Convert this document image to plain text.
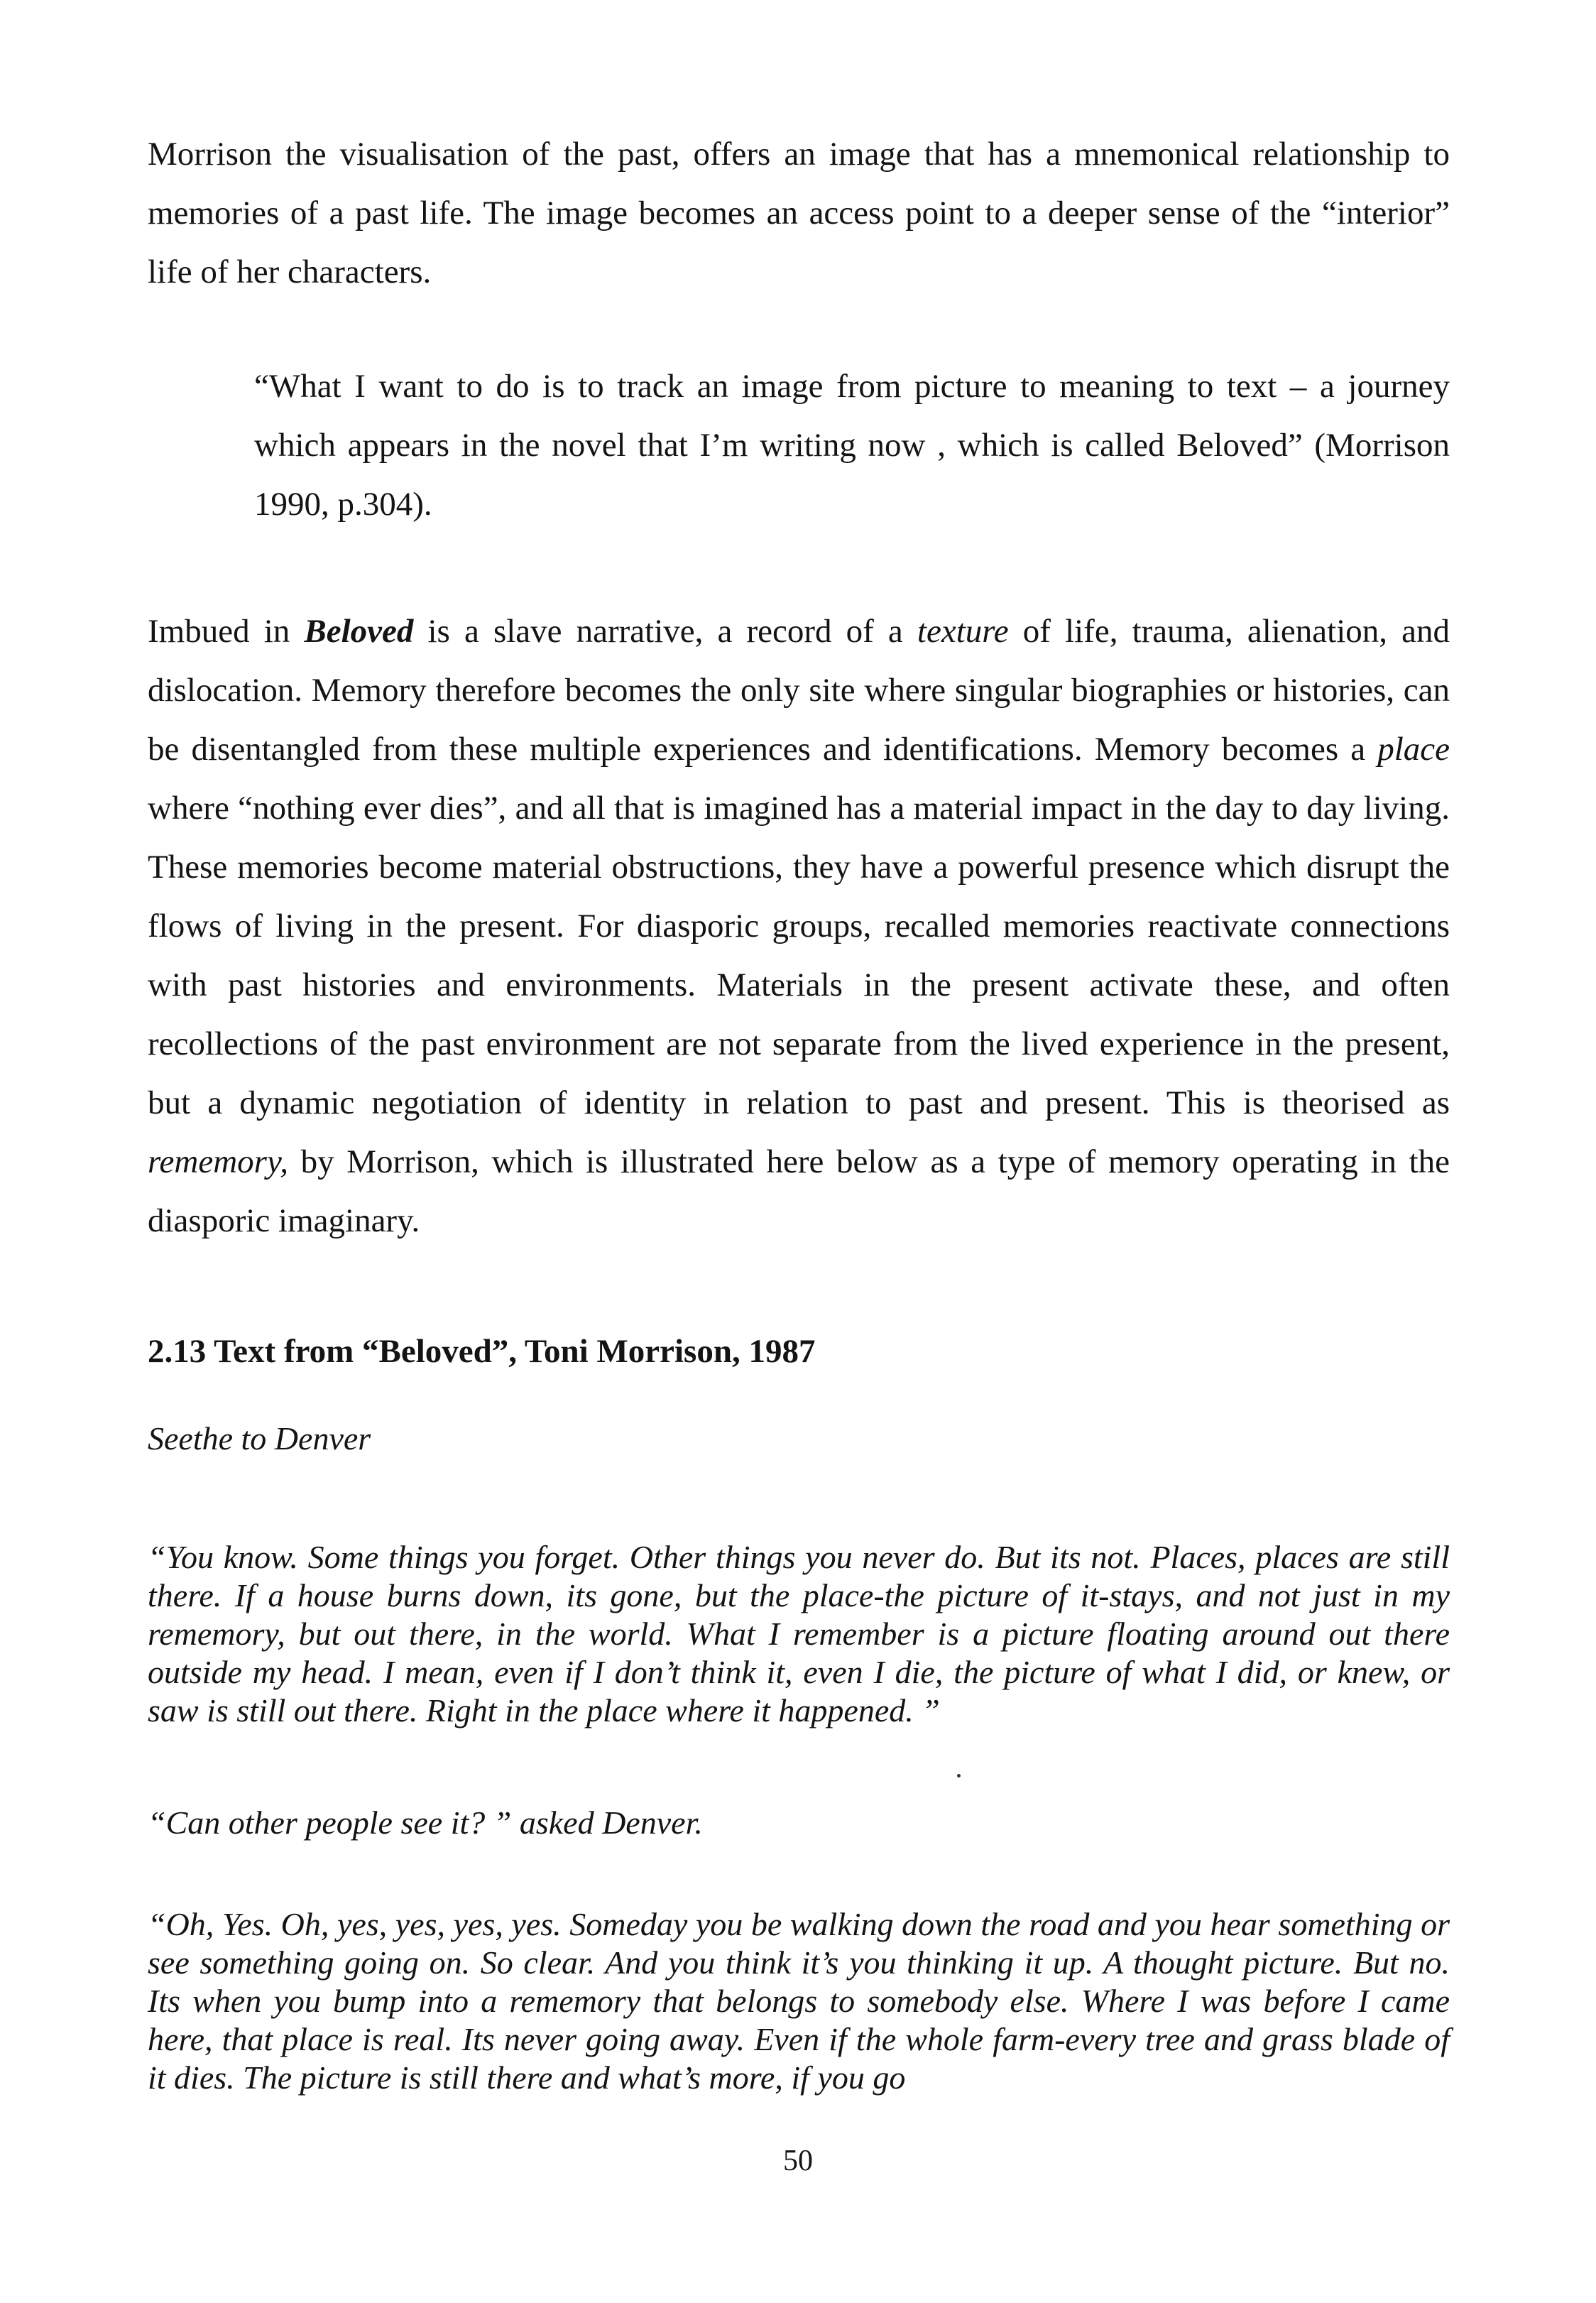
Morrison the visualisation of the past, offers an image that has a mnemonical relationship to memories of a past life. The image becomes an access point to a deeper sense of the “interior” life of her characters.

“What I want to do is to track an image from picture to meaning to text – a journey which appears in the novel that I’m writing now , which is called Beloved” (Morrison 1990, p.304).

Imbued in Beloved is a slave narrative, a record of a texture of life, trauma, alienation, and dislocation. Memory therefore becomes the only site where singular biographies or histories, can be disentangled from these multiple experiences and identifications. Memory becomes a place where “nothing ever dies”, and all that is imagined has a material impact in the day to day living. These memories become material obstructions, they have a powerful presence which disrupt the flows of living in the present. For diasporic groups, recalled memories reactivate connections with past histories and environments. Materials in the present activate these, and often recollections of the past environment are not separate from the lived experience in the present, but a dynamic negotiation of identity in relation to past and present. This is theorised as rememory, by Morrison, which is illustrated here below as a type of memory operating in the diasporic imaginary.

2.13 Text from “Beloved”, Toni Morrison, 1987

Seethe to Denver

“You know. Some things you forget. Other things you never do. But its not. Places, places are still there. If a house burns down, its gone, but the place-the picture of it-stays, and not just in my rememory, but out there, in the world. What I remember is a picture floating around out there outside my head. I mean, even if I don’t think it, even I die, the picture of what I did, or knew, or saw is still out there. Right in the place where it happened. ”

“Can other people see it? ” asked Denver.

“Oh, Yes. Oh, yes, yes, yes, yes. Someday you be walking down the road and you hear something or see something going on. So clear. And you think it’s you thinking it up. A thought picture. But no. Its when you bump into a rememory that belongs to somebody else. Where I was before I came here, that place is real. Its never going away. Even if the whole farm-every tree and grass blade of it dies. The picture is still there and what’s more, if you go

50
